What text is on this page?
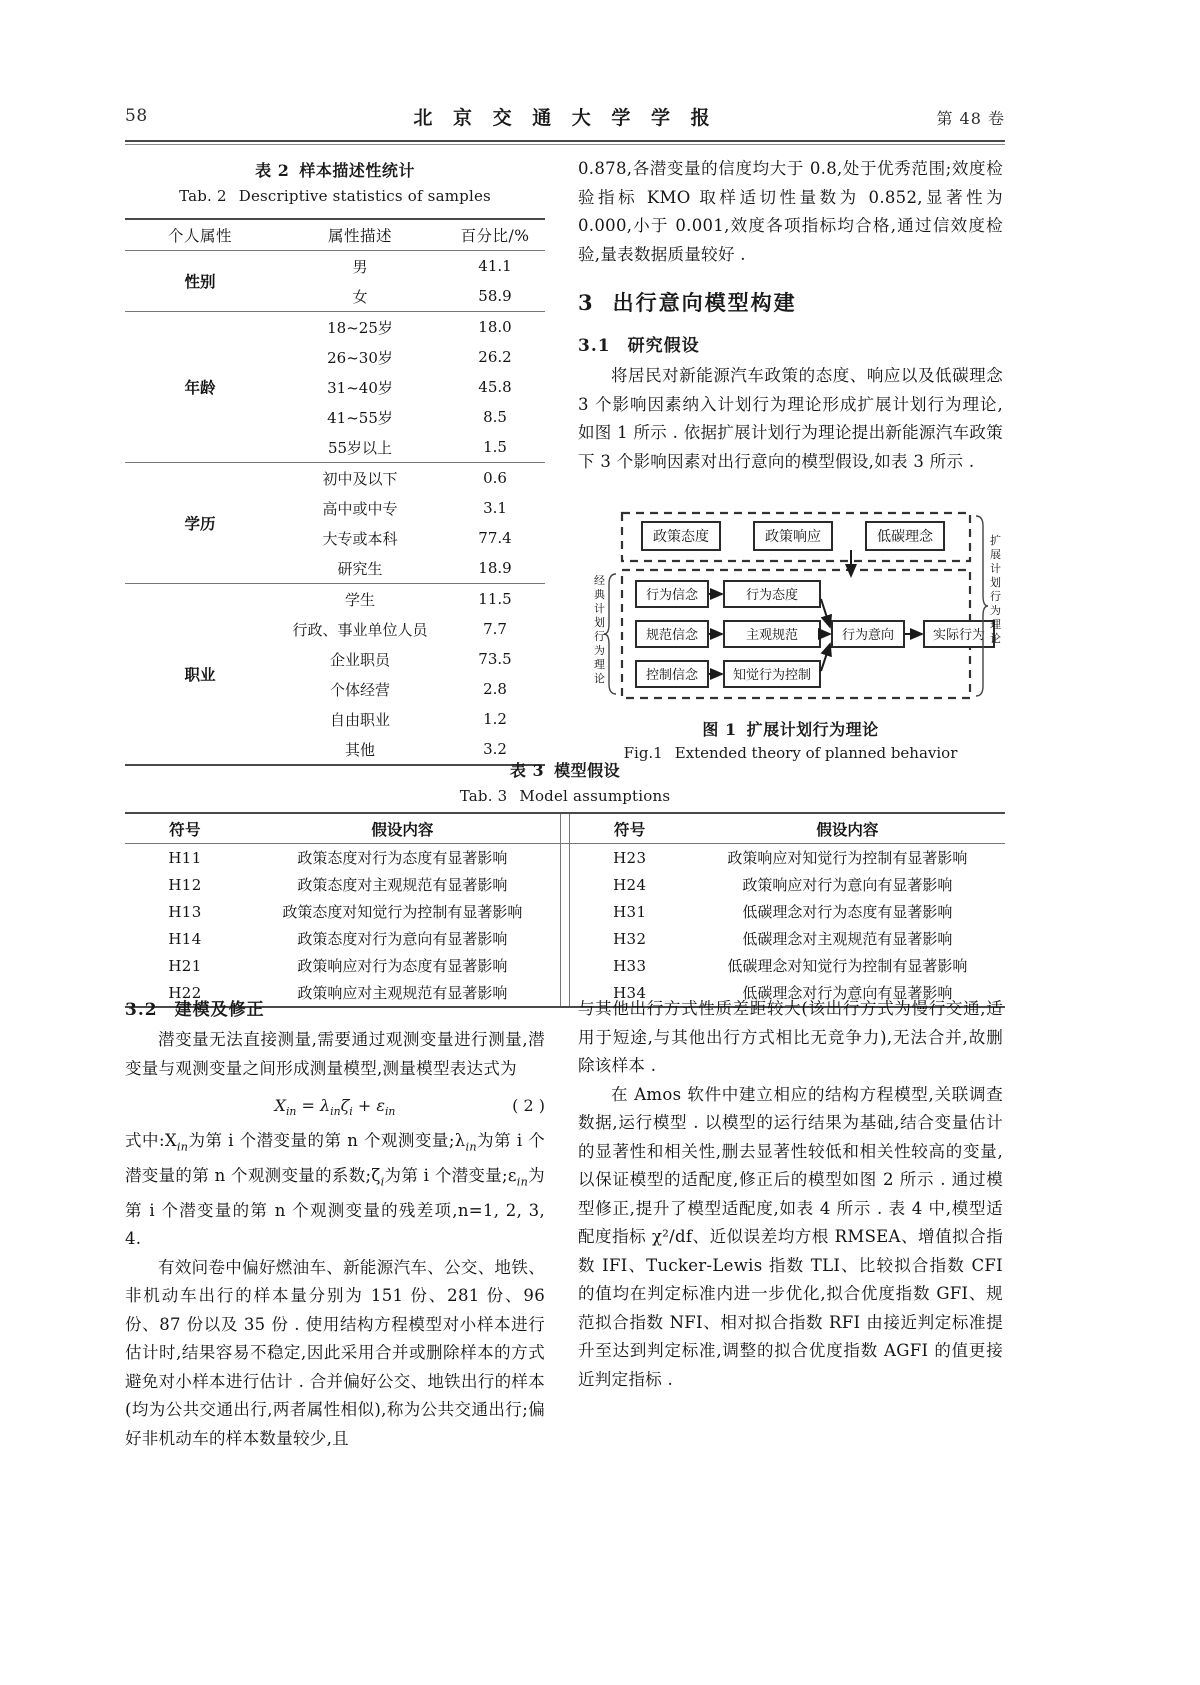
58	北 京 交 通 大 学 学 报	第 48 卷
表 2 样本描述性统计
Tab. 2 Descriptive statistics of samples
个人属性	属性描述	百分比/%
性别	男	41.1
	女	58.9
年龄	18~25岁	18.0
	26~30岁	26.2
	31~40岁	45.8
	41~55岁	8.5
	55岁以上	1.5
学历	初中及以下	0.6
	高中或中专	3.1
	大专或本科	77.4
	研究生	18.9
职业	学生	11.5
	行政、事业单位人员	7.7
	企业职员	73.5
	个体经营	2.8
	自由职业	1.2
	其他	3.2

0.878,各潜变量的信度均大于 0.8,处于优秀范围;效度检验指标 KMO 取样适切性量数为 0.852,显著性为 0.000,小于 0.001,效度各项指标均合格,通过信效度检验,量表数据质量较好 .

3 出行意向模型构建
3.1 研究假设

将居民对新能源汽车政策的态度、响应以及低碳理念 3 个影响因素纳入计划行为理论形成扩展计划行为理论,如图 1 所示 . 依据扩展计划行为理论提出新能源汽车政策下 3 个影响因素对出行意向的模型假设,如表 3 所示 .

政策态度	政策响应	低碳理念
行为信念
规范信念
控制信念
行为态度
主观规范
知觉行为控制
行为意向	实际行为
经
典
计
划
行
为
理
论
扩
展
计
划
行
为
理
论
图 1 扩展计划行为理论
Fig.1 Extended theory of planned behavior
表 3 模型假设
Tab. 3 Model assumptions
符号	假设内容		符号	假设内容
H11	政策态度对行为态度有显著影响		H23	政策响应对知觉行为控制有显著影响
H12	政策态度对主观规范有显著影响		H24	政策响应对行为意向有显著影响
H13	政策态度对知觉行为控制有显著影响		H31	低碳理念对行为态度有显著影响
H14	政策态度对行为意向有显著影响		H32	低碳理念对主观规范有显著影响
H21	政策响应对行为态度有显著影响		H33	低碳理念对知觉行为控制有显著影响
H22	政策响应对主观规范有显著影响		H34	低碳理念对行为意向有显著影响
3.2 建模及修正

潜变量无法直接测量,需要通过观测变量进行测量,潜变量与观测变量之间形成测量模型,测量模型表达式为

$X_{in} = \lambda_{in}\zeta_i + \varepsilon_{in}$	( 2 )

式中$:X_{in}$为第 i 个潜变量的第 n 个观测变量$;\lambda_{in}$为第 i 个潜变量的第 n 个观测变量的系数$;\zeta_i$为第 i 个潜变量$;\varepsilon_{in}$为第 i 个潜变量的第 n 个观测变量的残差项,n=1, 2, 3, 4.

有效问卷中偏好燃油车、新能源汽车、公交、地铁、非机动车出行的样本量分别为 151 份、281 份、96 份、87 份以及 35 份 . 使用结构方程模型对小样本进行估计时,结果容易不稳定,因此采用合并或删除样本的方式避免对小样本进行估计 . 合并偏好公交、地铁出行的样本(均为公共交通出行,两者属性相似),称为公共交通出行;偏好非机动车的样本数量较少,且

与其他出行方式性质差距较大(该出行方式为慢行交通,适用于短途,与其他出行方式相比无竞争力),无法合并,故删除该样本 .

在 Amos 软件中建立相应的结构方程模型,关联调查数据,运行模型 . 以模型的运行结果为基础,结合变量估计的显著性和相关性,删去显著性较低和相关性较高的变量,以保证模型的适配度,修正后的模型如图 2 所示 . 通过模型修正,提升了模型适配度,如表 4 所示 . 表 4 中,模型适配度指标 χ²/df、近似误差均方根 RMSEA、增值拟合指数 IFI、Tucker-Lewis 指数 TLI、比较拟合指数 CFI 的值均在判定标准内进一步优化,拟合优度指数 GFI、规范拟合指数 NFI、相对拟合指数 RFI 由接近判定标准提升至达到判定标准,调整的拟合优度指数 AGFI 的值更接近判定指标 .
